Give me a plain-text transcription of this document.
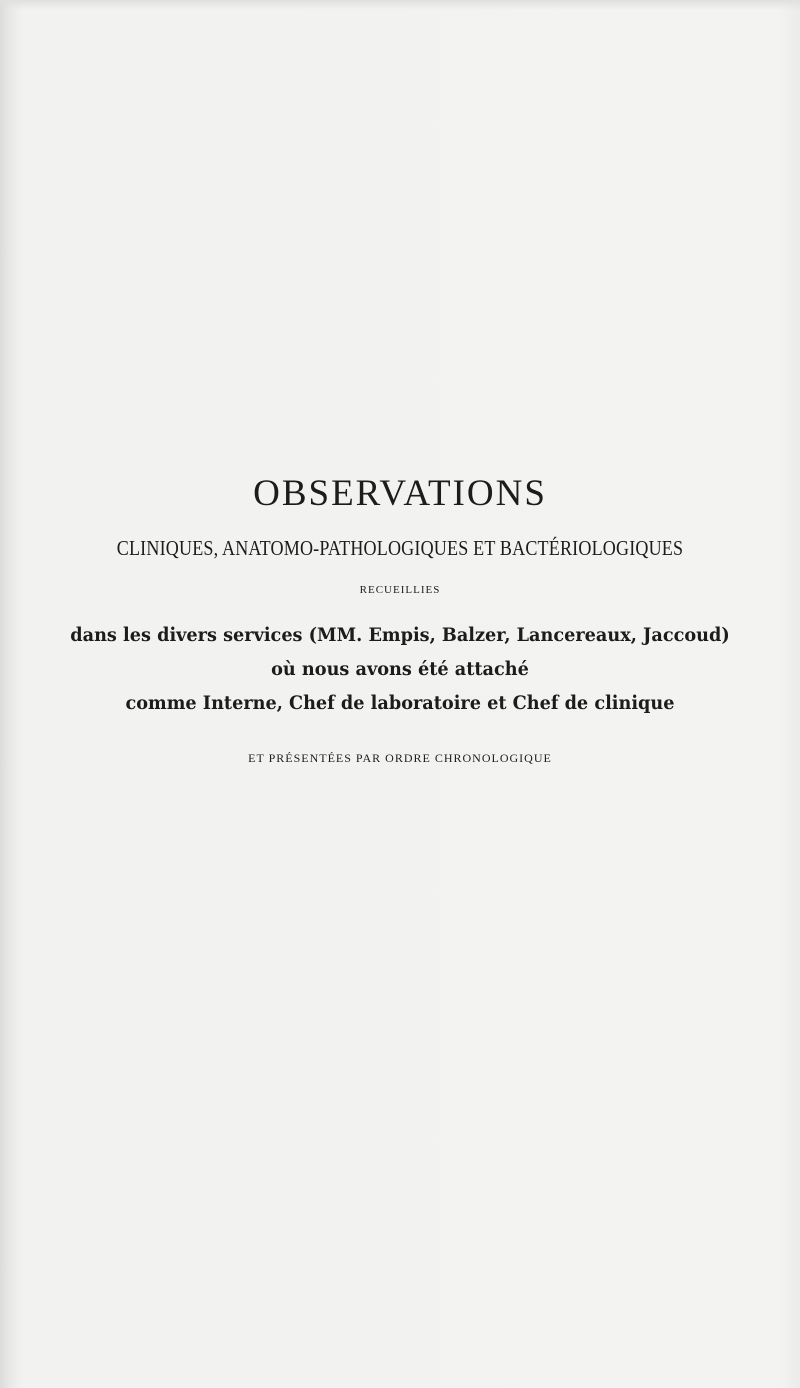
OBSERVATIONS

CLINIQUES, ANATOMO-PATHOLOGIQUES ET BACTÉRIOLOGIQUES

RECUEILLIES

dans les divers services (MM. Empis, Balzer, Lancereaux, Jaccoud)

où nous avons été attaché

comme Interne, Chef de laboratoire et Chef de clinique

ET PRÉSENTÉES PAR ORDRE CHRONOLOGIQUE
